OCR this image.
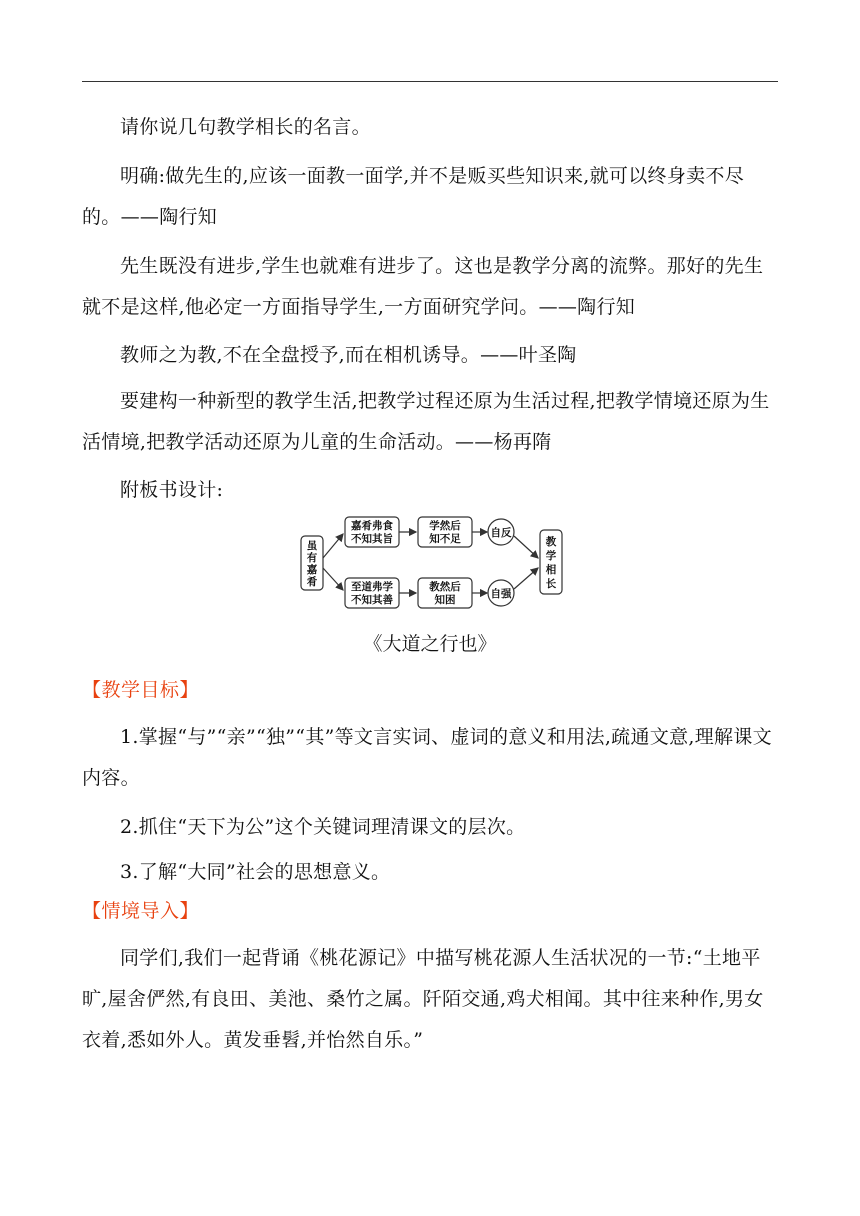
请你说几句教学相长的名言。

明确:做先生的,应该一面教一面学,并不是贩买些知识来,就可以终身卖不尽的。——陶行知

先生既没有进步,学生也就难有进步了。这也是教学分离的流弊。那好的先生就不是这样,他必定一方面指导学生,一方面研究学问。——陶行知

教师之为教,不在全盘授予,而在相机诱导。——叶圣陶

要建构一种新型的教学生活,把教学过程还原为生活过程,把教学情境还原为生活情境,把教学活动还原为儿童的生命活动。——杨再隋

附板书设计:

虽
有
嘉
肴
嘉肴弗食
不知其旨
学然后
知不足	自反
至道弗学
不知其善
教然后
知困	自强
教
学
相
长

《大道之行也》

【教学目标】

1.掌握“与”“亲”“独”“其”等文言实词、虚词的意义和用法,疏通文意,理解课文内容。

2.抓住“天下为公”这个关键词理清课文的层次。

3.了解“大同”社会的思想意义。

【情境导入】

同学们,我们一起背诵《桃花源记》中描写桃花源人生活状况的一节:“土地平旷,屋舍俨然,有良田、美池、桑竹之属。阡陌交通,鸡犬相闻。其中往来种作,男女衣着,悉如外人。黄发垂髫,并怡然自乐。”
